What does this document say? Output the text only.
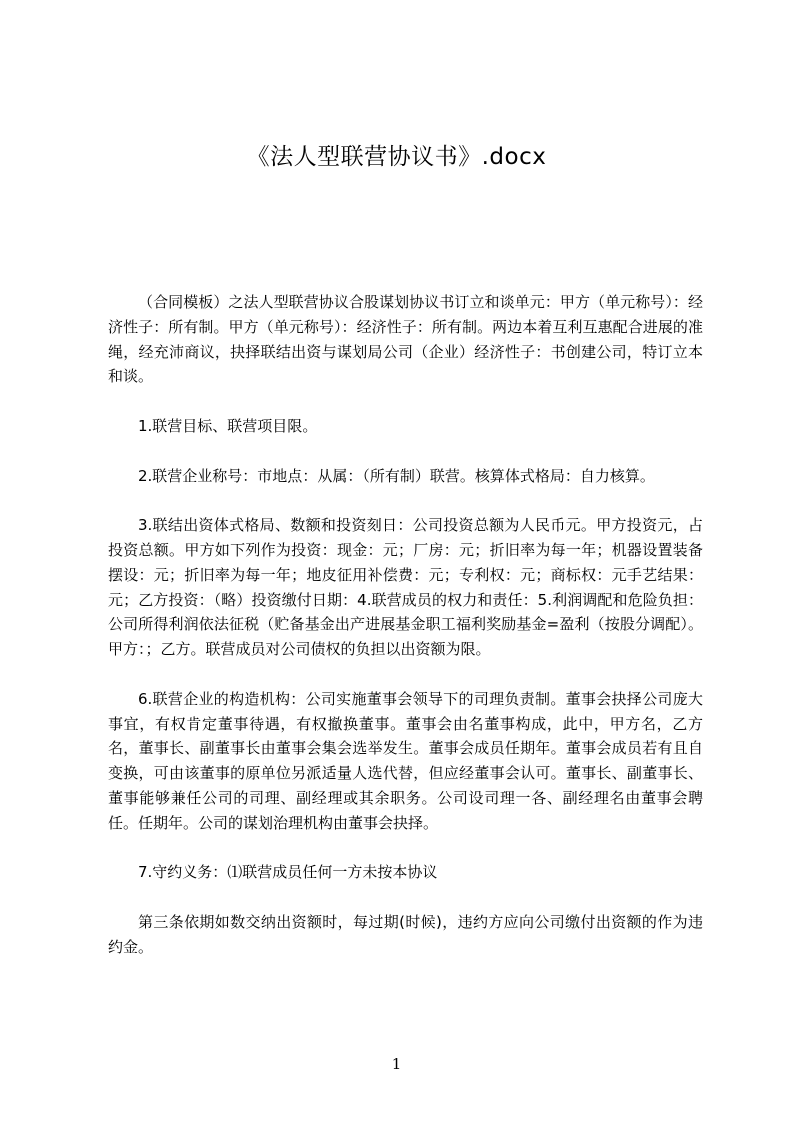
《法人型联营协议书》.docx

（合同模板）之法人型联营协议合股谋划协议书订立和谈单元：甲方（单元称号）：经济性子：所有制。甲方（单元称号）：经济性子：所有制。两边本着互利互惠配合进展的准绳，经充沛商议，抉择联结出资与谋划局公司（企业）经济性子：书创建公司，特订立本和谈。

1.联营目标、联营项目限。

2.联营企业称号：市地点：从属：（所有制）联营。核算体式格局：自力核算。

3.联结出资体式格局、数额和投资刻日：公司投资总额为人民币元。甲方投资元，占投资总额。甲方如下列作为投资：现金：元；厂房：元；折旧率为每一年；机器设置装备摆设：元；折旧率为每一年；地皮征用补偿费：元；专利权：元；商标权：元手艺结果：元；乙方投资：（略）投资缴付日期：4.联营成员的权力和责任：5.利润调配和危险负担：公司所得利润依法征税（贮备基金出产进展基金职工福利奖励基金=盈利（按股分调配）。甲方：；乙方。联营成员对公司债权的负担以出资额为限。

6.联营企业的构造机构：公司实施董事会领导下的司理负责制。董事会抉择公司庞大事宜，有权肯定董事待遇，有权撤换董事。董事会由名董事构成，此中，甲方名，乙方名，董事长、副董事长由董事会集会选举发生。董事会成员任期年。董事会成员若有且自变换，可由该董事的原单位另派适量人选代替，但应经董事会认可。董事长、副董事长、董事能够兼任公司的司理、副经理或其余职务。公司设司理一各、副经理名由董事会聘任。任期年。公司的谋划治理机构由董事会抉择。

7.守约义务：⑴联营成员任何一方未按本协议

第三条依期如数交纳出资额时，每过期(时候)，违约方应向公司缴付出资额的作为违约金。

1
